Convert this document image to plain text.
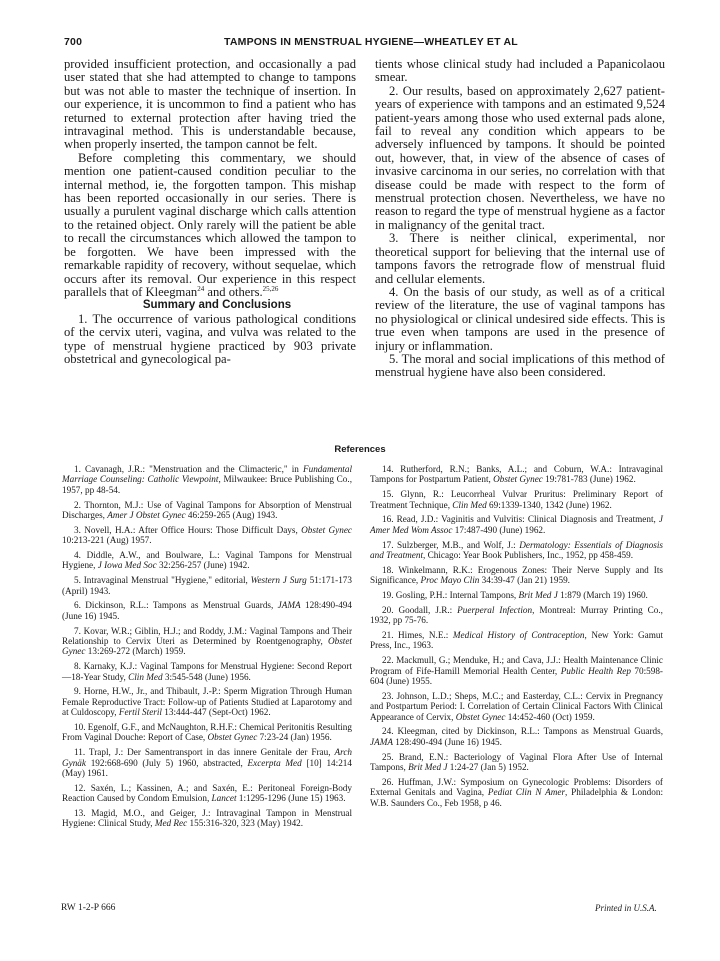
700	TAMPONS IN MENSTRUAL HYGIENE—WHEATLEY ET AL

provided insufficient protection, and occasionally a pad user stated that she had attempted to change to tampons but was not able to master the technique of insertion. In our experience, it is uncommon to find a patient who has returned to external protection after having tried the intravaginal method. This is understandable because, when properly inserted, the tampon cannot be felt.

Before completing this commentary, we should mention one patient-caused condition peculiar to the internal method, ie, the forgotten tampon. This mishap has been reported occasionally in our series. There is usually a purulent vaginal discharge which calls attention to the retained object. Only rarely will the patient be able to recall the circumstances which allowed the tampon to be forgotten. We have been impressed with the remarkable rapidity of recovery, without sequelae, which occurs after its removal. Our experience in this respect parallels that of Kleegman$^{24}$ and others.$^{25,26}$

Summary and Conclusions

1. The occurrence of various pathological conditions of the cervix uteri, vagina, and vulva was related to the type of menstrual hygiene practiced by 903 private obstetrical and gynecological pa-

tients whose clinical study had included a Papanicolaou smear.

2. Our results, based on approximately 2,627 patient-years of experience with tampons and an estimated 9,524 patient-years among those who used external pads alone, fail to reveal any condition which appears to be adversely influenced by tampons. It should be pointed out, however, that, in view of the absence of cases of invasive carcinoma in our series, no correlation with that disease could be made with respect to the form of menstrual protection chosen. Nevertheless, we have no reason to regard the type of menstrual hygiene as a factor in malignancy of the genital tract.

3. There is neither clinical, experimental, nor theoretical support for believing that the internal use of tampons favors the retrograde flow of menstrual fluid and cellular elements.

4. On the basis of our study, as well as of a critical review of the literature, the use of vaginal tampons has no physiological or clinical undesired side effects. This is true even when tampons are used in the presence of injury or inflammation.

5. The moral and social implications of this method of menstrual hygiene have also been considered.

References

1. Cavanagh, J.R.: "Menstruation and the Climacteric," in Fundamental Marriage Counseling: Catholic Viewpoint, Milwaukee: Bruce Publishing Co., 1957, pp 48-54.

2. Thornton, M.J.: Use of Vaginal Tampons for Absorption of Menstrual Discharges, Amer J Obstet Gynec 46:259-265 (Aug) 1943.

3. Novell, H.A.: After Office Hours: Those Difficult Days, Obstet Gynec 10:213-221 (Aug) 1957.

4. Diddle, A.W., and Boulware, L.: Vaginal Tampons for Menstrual Hygiene, J Iowa Med Soc 32:256-257 (June) 1942.

5. Intravaginal Menstrual "Hygiene," editorial, Western J Surg 51:171-173 (April) 1943.

6. Dickinson, R.L.: Tampons as Menstrual Guards, JAMA 128:490-494 (June 16) 1945.

7. Kovar, W.R.; Giblin, H.J.; and Roddy, J.M.: Vaginal Tampons and Their Relationship to Cervix Uteri as Determined by Roentgenography, Obstet Gynec 13:269-272 (March) 1959.

8. Karnaky, K.J.: Vaginal Tampons for Menstrual Hygiene: Second Report—18-Year Study, Clin Med 3:545-548 (June) 1956.

9. Horne, H.W., Jr., and Thibault, J.-P.: Sperm Migration Through Human Female Reproductive Tract: Follow-up of Patients Studied at Laparotomy and at Culdoscopy, Fertil Steril 13:444-447 (Sept-Oct) 1962.

10. Egenolf, G.F., and McNaughton, R.H.F.: Chemical Peritonitis Resulting From Vaginal Douche: Report of Case, Obstet Gynec 7:23-24 (Jan) 1956.

11. Trapl, J.: Der Samentransport in das innere Genitale der Frau, Arch Gynäk 192:668-690 (July 5) 1960, abstracted, Excerpta Med [10] 14:214 (May) 1961.

12. Saxén, L.; Kassinen, A.; and Saxén, E.: Peritoneal Foreign-Body Reaction Caused by Condom Emulsion, Lancet 1:1295-1296 (June 15) 1963.

13. Magid, M.O., and Geiger, J.: Intravaginal Tampon in Menstrual Hygiene: Clinical Study, Med Rec 155:316-320, 323 (May) 1942.

14. Rutherford, R.N.; Banks, A.L.; and Coburn, W.A.: Intravaginal Tampons for Postpartum Patient, Obstet Gynec 19:781-783 (June) 1962.

15. Glynn, R.: Leucorrheal Vulvar Pruritus: Preliminary Report of Treatment Technique, Clin Med 69:1339-1340, 1342 (June) 1962.

16. Read, J.D.: Vaginitis and Vulvitis: Clinical Diagnosis and Treatment, J Amer Med Wom Assoc 17:487-490 (June) 1962.

17. Sulzberger, M.B., and Wolf, J.: Dermatology: Essentials of Diagnosis and Treatment, Chicago: Year Book Publishers, Inc., 1952, pp 458-459.

18. Winkelmann, R.K.: Erogenous Zones: Their Nerve Supply and Its Significance, Proc Mayo Clin 34:39-47 (Jan 21) 1959.

19. Gosling, P.H.: Internal Tampons, Brit Med J 1:879 (March 19) 1960.

20. Goodall, J.R.: Puerperal Infection, Montreal: Murray Printing Co., 1932, pp 75-76.

21. Himes, N.E.: Medical History of Contraception, New York: Gamut Press, Inc., 1963.

22. Mackmull, G.; Menduke, H.; and Cava, J.J.: Health Maintenance Clinic Program of Fife-Hamill Memorial Health Center, Public Health Rep 70:598-604 (June) 1955.

23. Johnson, L.D.; Sheps, M.C.; and Easterday, C.L.: Cervix in Pregnancy and Postpartum Period: I. Correlation of Certain Clinical Factors With Clinical Appearance of Cervix, Obstet Gynec 14:452-460 (Oct) 1959.

24. Kleegman, cited by Dickinson, R.L.: Tampons as Menstrual Guards, JAMA 128:490-494 (June 16) 1945.

25. Brand, E.N.: Bacteriology of Vaginal Flora After Use of Internal Tampons, Brit Med J 1:24-27 (Jan 5) 1952.

26. Huffman, J.W.: Symposium on Gynecologic Problems: Disorders of External Genitals and Vagina, Pediat Clin N Amer, Philadelphia & London: W.B. Saunders Co., Feb 1958, p 46.

RW 1-2-P 666	Printed in U.S.A.
